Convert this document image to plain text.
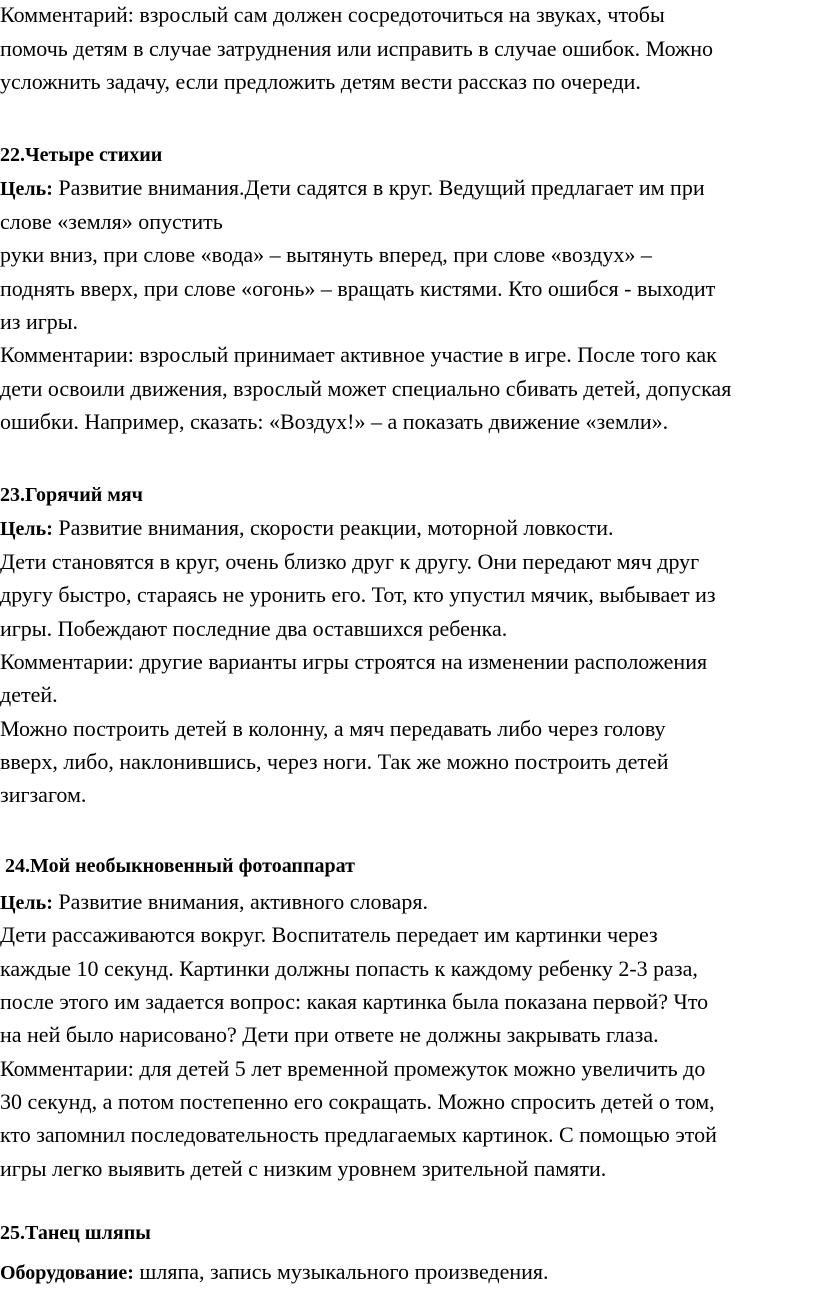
Комментарий: взрослый сам должен сосредоточиться на звуках, чтобы
помочь детям в случае затруднения или исправить в случае ошибок. Можно
усложнить задачу, если предложить детям вести рассказ по очереди.
22.Четыре стихии
Цель: Развитие внимания.Дети садятся в круг. Ведущий предлагает им при
слове «земля» опустить
руки вниз, при слове «вода» – вытянуть вперед, при слове «воздух» –
поднять вверх, при слове «огонь» – вращать кистями. Кто ошибся - выходит
из игры.
Комментарии: взрослый принимает активное участие в игре. После того как
дети освоили движения, взрослый может специально сбивать детей, допуская
ошибки. Например, сказать: «Воздух!» – а показать движение «земли».
23.Горячий мяч
Цель: Развитие внимания, скорости реакции, моторной ловкости.
Дети становятся в круг, очень близко друг к другу. Они передают мяч друг
другу быстро, стараясь не уронить его. Тот, кто упустил мячик, выбывает из
игры. Побеждают последние два оставшихся ребенка.
Комментарии: другие варианты игры строятся на изменении расположения
детей.
Можно построить детей в колонну, а мяч передавать либо через голову
вверх, либо, наклонившись, через ноги. Так же можно построить детей
зигзагом.
24.Мой необыкновенный фотоаппарат
Цель: Развитие внимания, активного словаря.
Дети рассаживаются вокруг. Воспитатель передает им картинки через
каждые 10 секунд. Картинки должны попасть к каждому ребенку 2-3 раза,
после этого им задается вопрос: какая картинка была показана первой? Что
на ней было нарисовано? Дети при ответе не должны закрывать глаза.
Комментарии: для детей 5 лет временной промежуток можно увеличить до
30 секунд, а потом постепенно его сокращать. Можно спросить детей о том,
кто запомнил последовательность предлагаемых картинок. С помощью этой
игры легко выявить детей с низким уровнем зрительной памяти.
25.Танец шляпы
Оборудование: шляпа, запись музыкального произведения.
